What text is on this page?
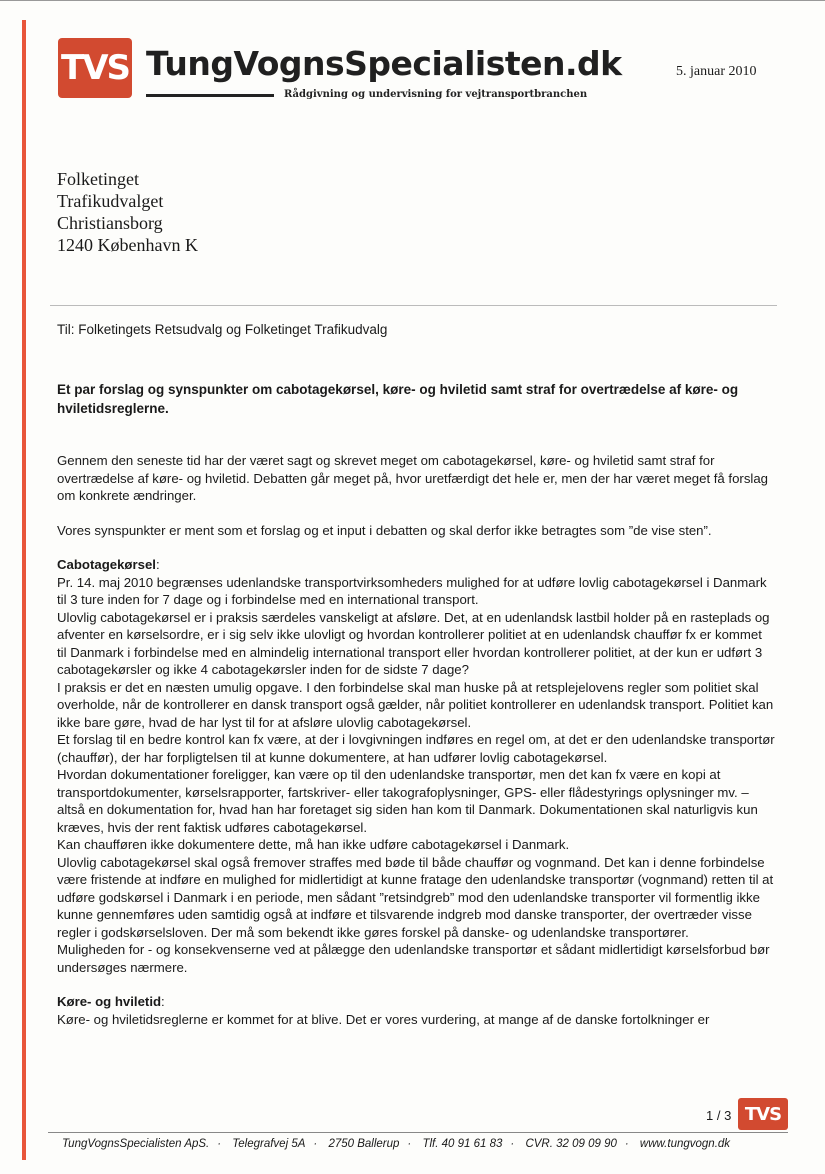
TVS TungVognsSpecialisten.dk
Rådgivning og undervisning for vejtransportbranchen
5. januar 2010
Folketinget
Trafikudvalget
Christiansborg
1240 København K
Til: Folketingets Retsudvalg og Folketinget Trafikudvalg
Et par forslag og synspunkter om cabotagekørsel, køre- og hviletid samt straf for overtrædelse af køre- og hviletidsreglerne.

Gennem den seneste tid har der været sagt og skrevet meget om cabotagekørsel, køre- og hviletid samt straf for overtrædelse af køre- og hviletid. Debatten går meget på, hvor uretfærdigt det hele er, men der har været meget få forslag om konkrete ændringer.

Vores synspunkter er ment som et forslag og et input i debatten og skal derfor ikke betragtes som ”de vise sten”.

Cabotagekørsel:

Pr. 14. maj 2010 begrænses udenlandske transportvirksomheders mulighed for at udføre lovlig cabotagekørsel i Danmark til 3 ture inden for 7 dage og i forbindelse med en international transport.

Ulovlig cabotagekørsel er i praksis særdeles vanskeligt at afsløre. Det, at en udenlandsk lastbil holder på en rasteplads og afventer en kørselsordre, er i sig selv ikke ulovligt og hvordan kontrollerer politiet at en udenlandsk chauffør fx er kommet til Danmark i forbindelse med en almindelig international transport eller hvordan kontrollerer politiet, at der kun er udført 3 cabotagekørsler og ikke 4 cabotagekørsler inden for de sidste 7 dage?

I praksis er det en næsten umulig opgave. I den forbindelse skal man huske på at retsplejelovens regler som politiet skal overholde, når de kontrollerer en dansk transport også gælder, når politiet kontrollerer en udenlandsk transport. Politiet kan ikke bare gøre, hvad de har lyst til for at afsløre ulovlig cabotagekørsel.

Et forslag til en bedre kontrol kan fx være, at der i lovgivningen indføres en regel om, at det er den udenlandske transportør (chauffør), der har forpligtelsen til at kunne dokumentere, at han udfører lovlig cabotagekørsel.

Hvordan dokumentationer foreligger, kan være op til den udenlandske transportør, men det kan fx være en kopi at transportdokumenter, kørselsrapporter, fartskriver- eller takografoplysninger, GPS- eller flådestyrings oplysninger mv. – altså en dokumentation for, hvad han har foretaget sig siden han kom til Danmark. Dokumentationen skal naturligvis kun kræves, hvis der rent faktisk udføres cabotagekørsel.

Kan chaufføren ikke dokumentere dette, må han ikke udføre cabotagekørsel i Danmark.

Ulovlig cabotagekørsel skal også fremover straffes med bøde til både chauffør og vognmand. Det kan i denne forbindelse være fristende at indføre en mulighed for midlertidigt at kunne fratage den udenlandske transportør (vognmand) retten til at udføre godskørsel i Danmark i en periode, men sådant ”retsindgreb” mod den udenlandske transporter vil formentlig ikke kunne gennemføres uden samtidig også at indføre et tilsvarende indgreb mod danske transporter, der overtræder visse regler i godskørselsloven. Der må som bekendt ikke gøres forskel på danske- og udenlandske transportører.

Muligheden for - og konsekvenserne ved at pålægge den udenlandske transportør et sådant midlertidigt kørselsforbud bør undersøges nærmere.

Køre- og hviletid:

Køre- og hviletidsreglerne er kommet for at blive. Det er vores vurdering, at mange af de danske fortolkninger er

1 / 3 TVS
TungVognsSpecialisten ApS. · Telegrafvej 5A · 2750 Ballerup · Tlf. 40 91 61 83 · CVR. 32 09 09 90 · www.tungvogn.dk
